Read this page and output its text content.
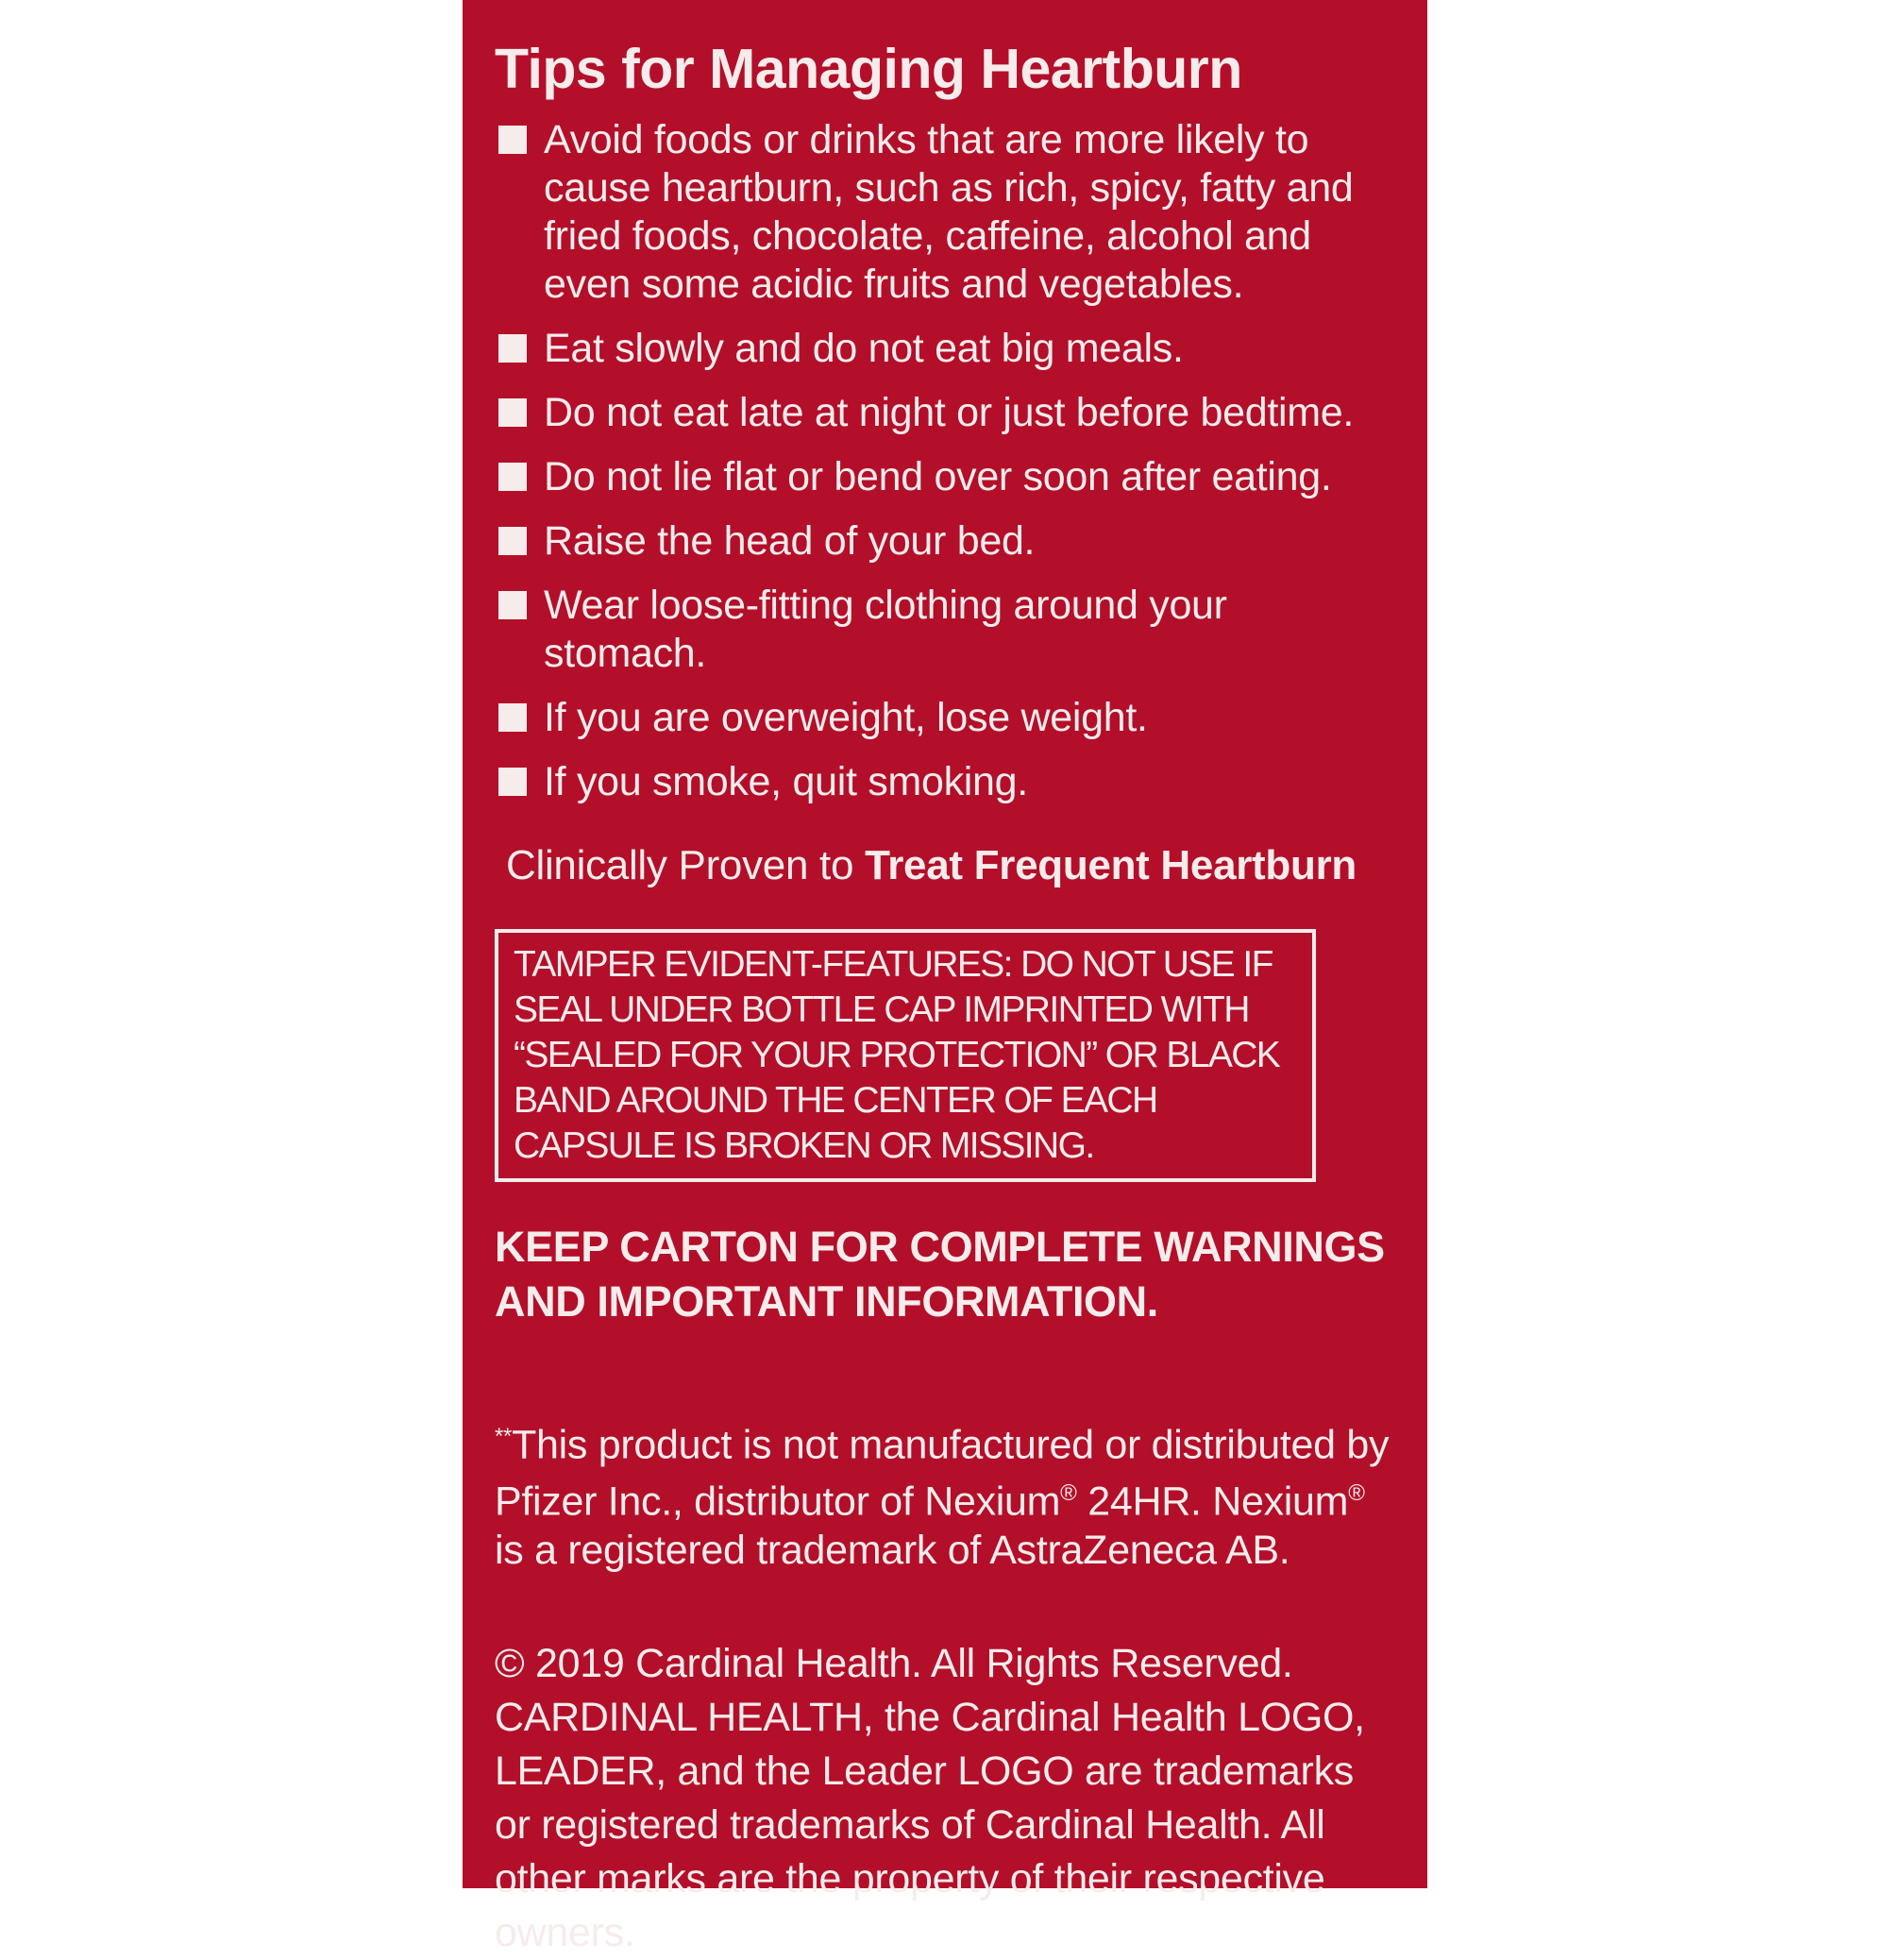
Tips for Managing Heartburn
Avoid foods or drinks that are more likely to cause heartburn, such as rich, spicy, fatty and fried foods, chocolate, caffeine, alcohol and even some acidic fruits and vegetables.
Eat slowly and do not eat big meals.
Do not eat late at night or just before bedtime.
Do not lie flat or bend over soon after eating.
Raise the head of your bed.
Wear loose-fitting clothing around your stomach.
If you are overweight, lose weight.
If you smoke, quit smoking.
Clinically Proven to Treat Frequent Heartburn
TAMPER EVIDENT-FEATURES: DO NOT USE IF SEAL UNDER BOTTLE CAP IMPRINTED WITH “SEALED FOR YOUR PROTECTION” OR BLACK BAND AROUND THE CENTER OF EACH CAPSULE IS BROKEN OR MISSING.
KEEP CARTON FOR COMPLETE WARNINGS AND IMPORTANT INFORMATION.
**This product is not manufactured or distributed by Pfizer Inc., distributor of Nexium® 24HR. Nexium® is a registered trademark of AstraZeneca AB.
© 2019 Cardinal Health. All Rights Reserved. CARDINAL HEALTH, the Cardinal Health LOGO, LEADER, and the Leader LOGO are trademarks or registered trademarks of Cardinal Health. All other marks are the property of their respective owners.
